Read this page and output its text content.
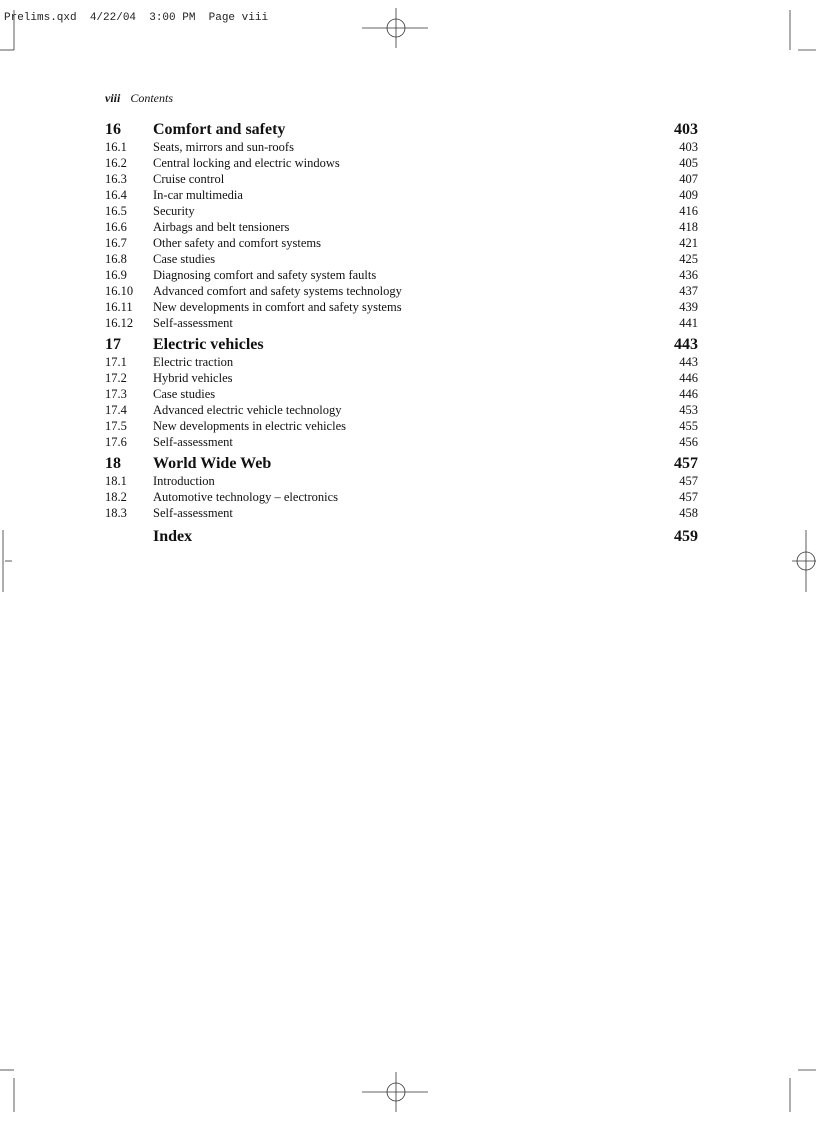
Prelims.qxd  4/22/04  3:00 PM  Page viii
viii Contents
16	Comfort and safety	403
16.1	Seats, mirrors and sun-roofs	403
16.2	Central locking and electric windows	405
16.3	Cruise control	407
16.4	In-car multimedia	409
16.5	Security	416
16.6	Airbags and belt tensioners	418
16.7	Other safety and comfort systems	421
16.8	Case studies	425
16.9	Diagnosing comfort and safety system faults	436
16.10	Advanced comfort and safety systems technology	437
16.11	New developments in comfort and safety systems	439
16.12	Self-assessment	441
17	Electric vehicles	443
17.1	Electric traction	443
17.2	Hybrid vehicles	446
17.3	Case studies	446
17.4	Advanced electric vehicle technology	453
17.5	New developments in electric vehicles	455
17.6	Self-assessment	456
18	World Wide Web	457
18.1	Introduction	457
18.2	Automotive technology – electronics	457
18.3	Self-assessment	458
Index	459
